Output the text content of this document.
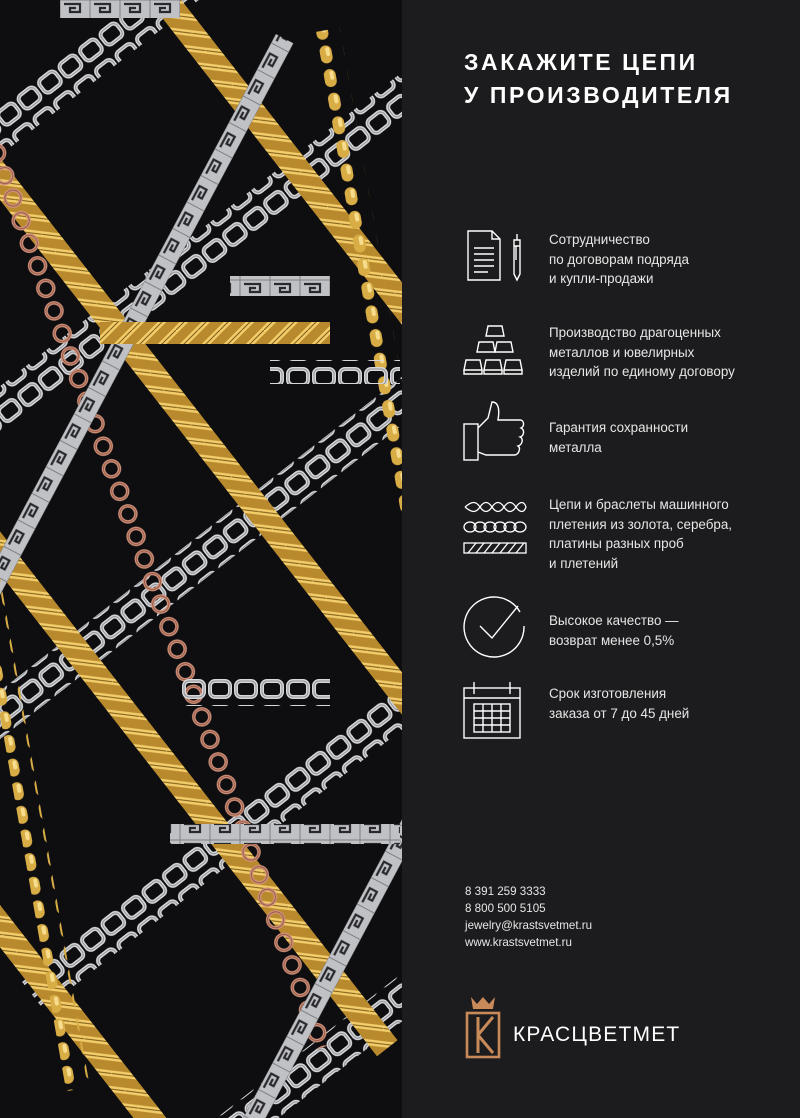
ЗАКАЖИТЕ ЦЕПИ
У ПРОИЗВОДИТЕЛЯ
Сотрудничество
по договорам подряда
и купли-продажи
Производство драгоценных
металлов и ювелирных
изделий по единому договору
Гарантия сохранности
металла
Цепи и браслеты машинного
плетения из золота, серебра,
платины разных проб
и плетений
Высокое качество —
возврат менее 0,5%
Срок изготовления
заказа от 7 до 45 дней
8 391 259 3333
8 800 500 5105
jewelry@krastsvetmet.ru
www.krastsvetmet.ru
КРАСЦВЕТМЕТ
